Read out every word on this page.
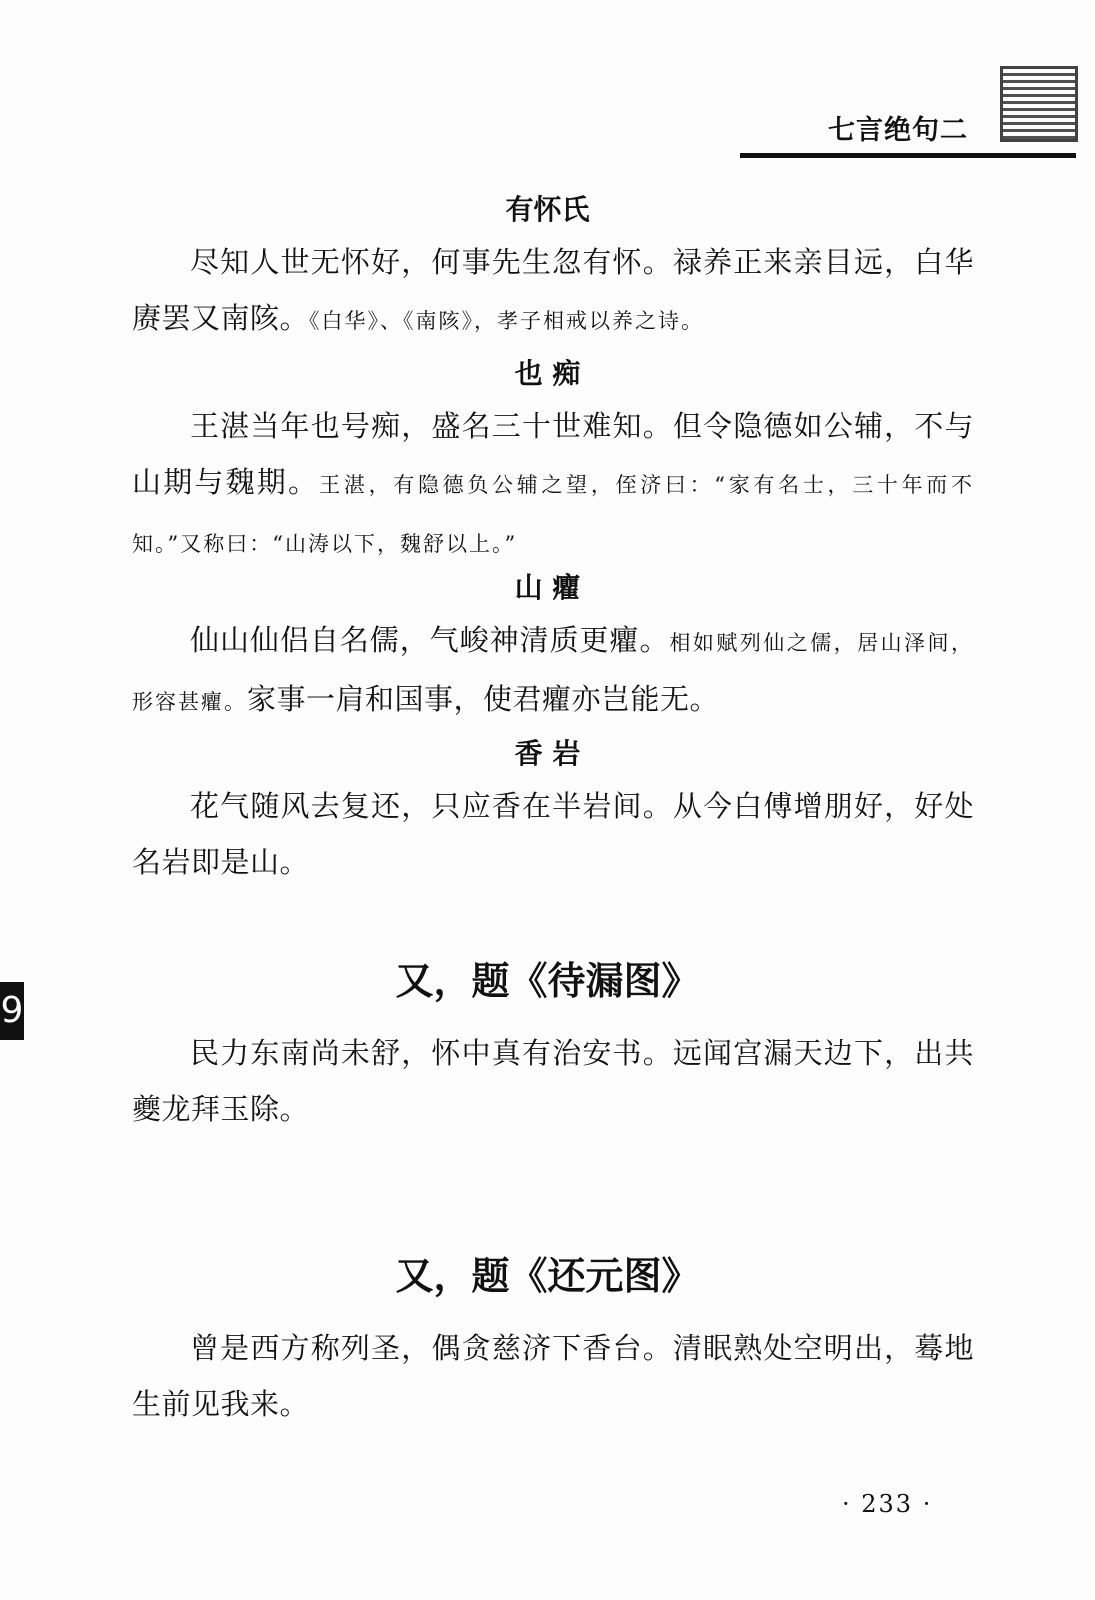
七言绝句二
9
有怀氏
尽知人世无怀好，何事先生忽有怀。禄养正来亲目远，白华赓罢又南陔。《白华》、《南陔》，孝子相戒以养之诗。
也 痴
王湛当年也号痴，盛名三十世难知。但令隐德如公辅，不与山期与魏期。王湛，有隐德负公辅之望，侄济曰：“家有名士，三十年而不知。”又称曰：“山涛以下，魏舒以上。”
山 癯
仙山仙侣自名儒，气峻神清质更癯。相如赋列仙之儒，居山泽间，形容甚癯。家事一肩和国事，使君癯亦岂能无。
香 岩
花气随风去复还，只应香在半岩间。从今白傅增朋好，好处名岩即是山。
又，题《待漏图》
民力东南尚未舒，怀中真有治安书。远闻宫漏天边下，出共夔龙拜玉除。
又，题《还元图》
曾是西方称列圣，偶贪慈济下香台。清眠熟处空明出，蓦地生前见我来。
· 233 ·
